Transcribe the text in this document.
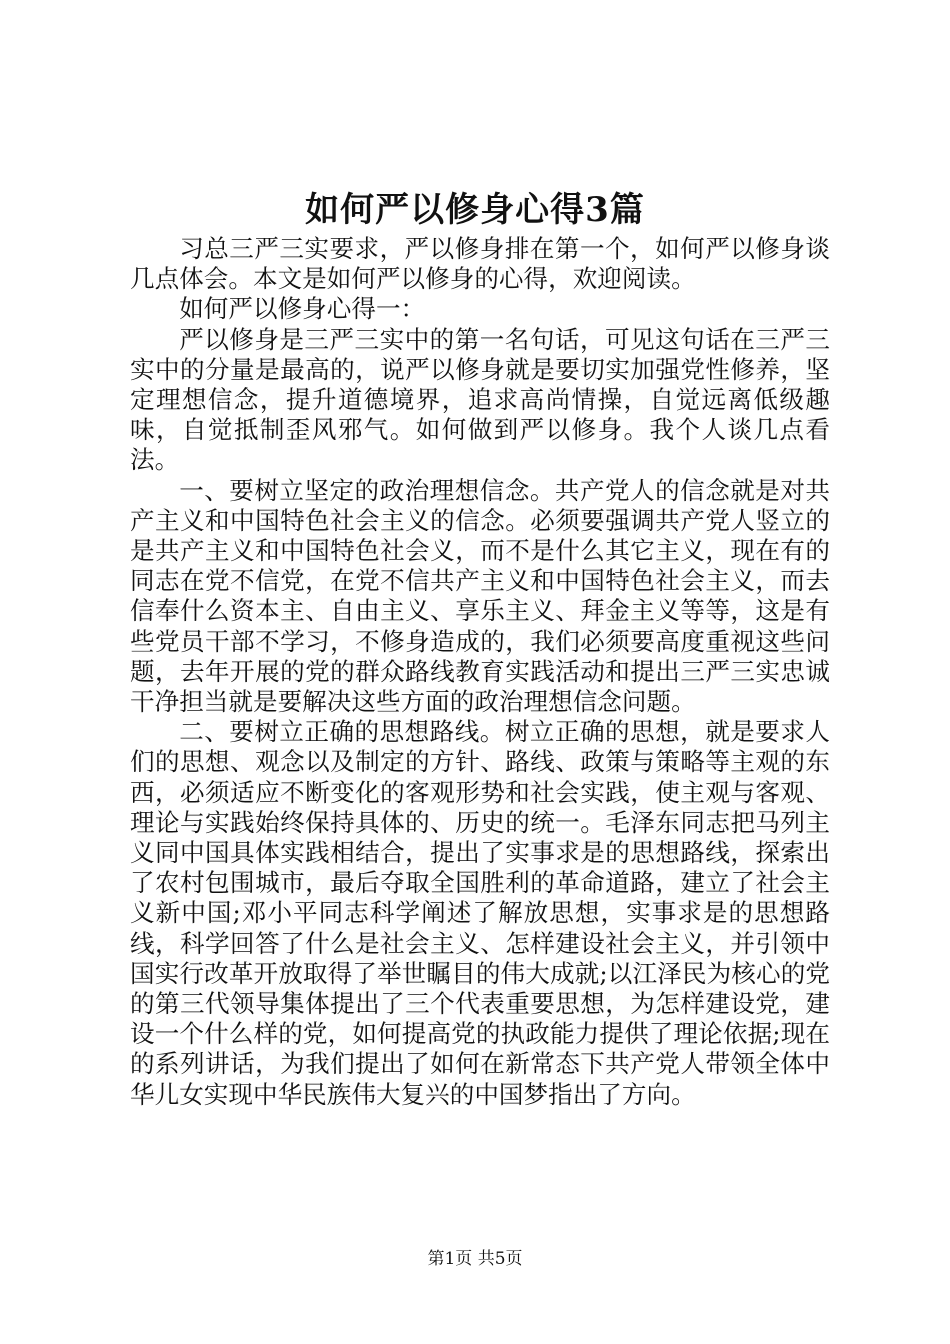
如何严以修身心得3篇

习总三严三实要求，严以修身排在第一个，如何严以修身谈几点体会。本文是如何严以修身的心得，欢迎阅读。

如何严以修身心得一：

严以修身是三严三实中的第一名句话，可见这句话在三严三实中的分量是最高的，说严以修身就是要切实加强党性修养，坚定理想信念，提升道德境界，追求高尚情操，自觉远离低级趣味，自觉抵制歪风邪气。如何做到严以修身。我个人谈几点看法。

一、要树立坚定的政治理想信念。共产党人的信念就是对共产主义和中国特色社会主义的信念。必须要强调共产党人竖立的是共产主义和中国特色社会义，而不是什么其它主义，现在有的同志在党不信党，在党不信共产主义和中国特色社会主义，而去信奉什么资本主、自由主义、享乐主义、拜金主义等等，这是有些党员干部不学习，不修身造成的，我们必须要高度重视这些问题，去年开展的党的群众路线教育实践活动和提出三严三实忠诚干净担当就是要解决这些方面的政治理想信念问题。

二、要树立正确的思想路线。树立正确的思想，就是要求人们的思想、观念以及制定的方针、路线、政策与策略等主观的东西，必须适应不断变化的客观形势和社会实践，使主观与客观、理论与实践始终保持具体的、历史的统一。毛泽东同志把马列主义同中国具体实践相结合，提出了实事求是的思想路线，探索出了农村包围城市，最后夺取全国胜利的革命道路，建立了社会主义新中国;邓小平同志科学阐述了解放思想，实事求是的思想路线，科学回答了什么是社会主义、怎样建设社会主义，并引领中国实行改革开放取得了举世瞩目的伟大成就;以江泽民为核心的党的第三代领导集体提出了三个代表重要思想，为怎样建设党，建设一个什么样的党，如何提高党的执政能力提供了理论依据;现在的系列讲话，为我们提出了如何在新常态下共产党人带领全体中华儿女实现中华民族伟大复兴的中国梦指出了方向。

第1页 共5页
